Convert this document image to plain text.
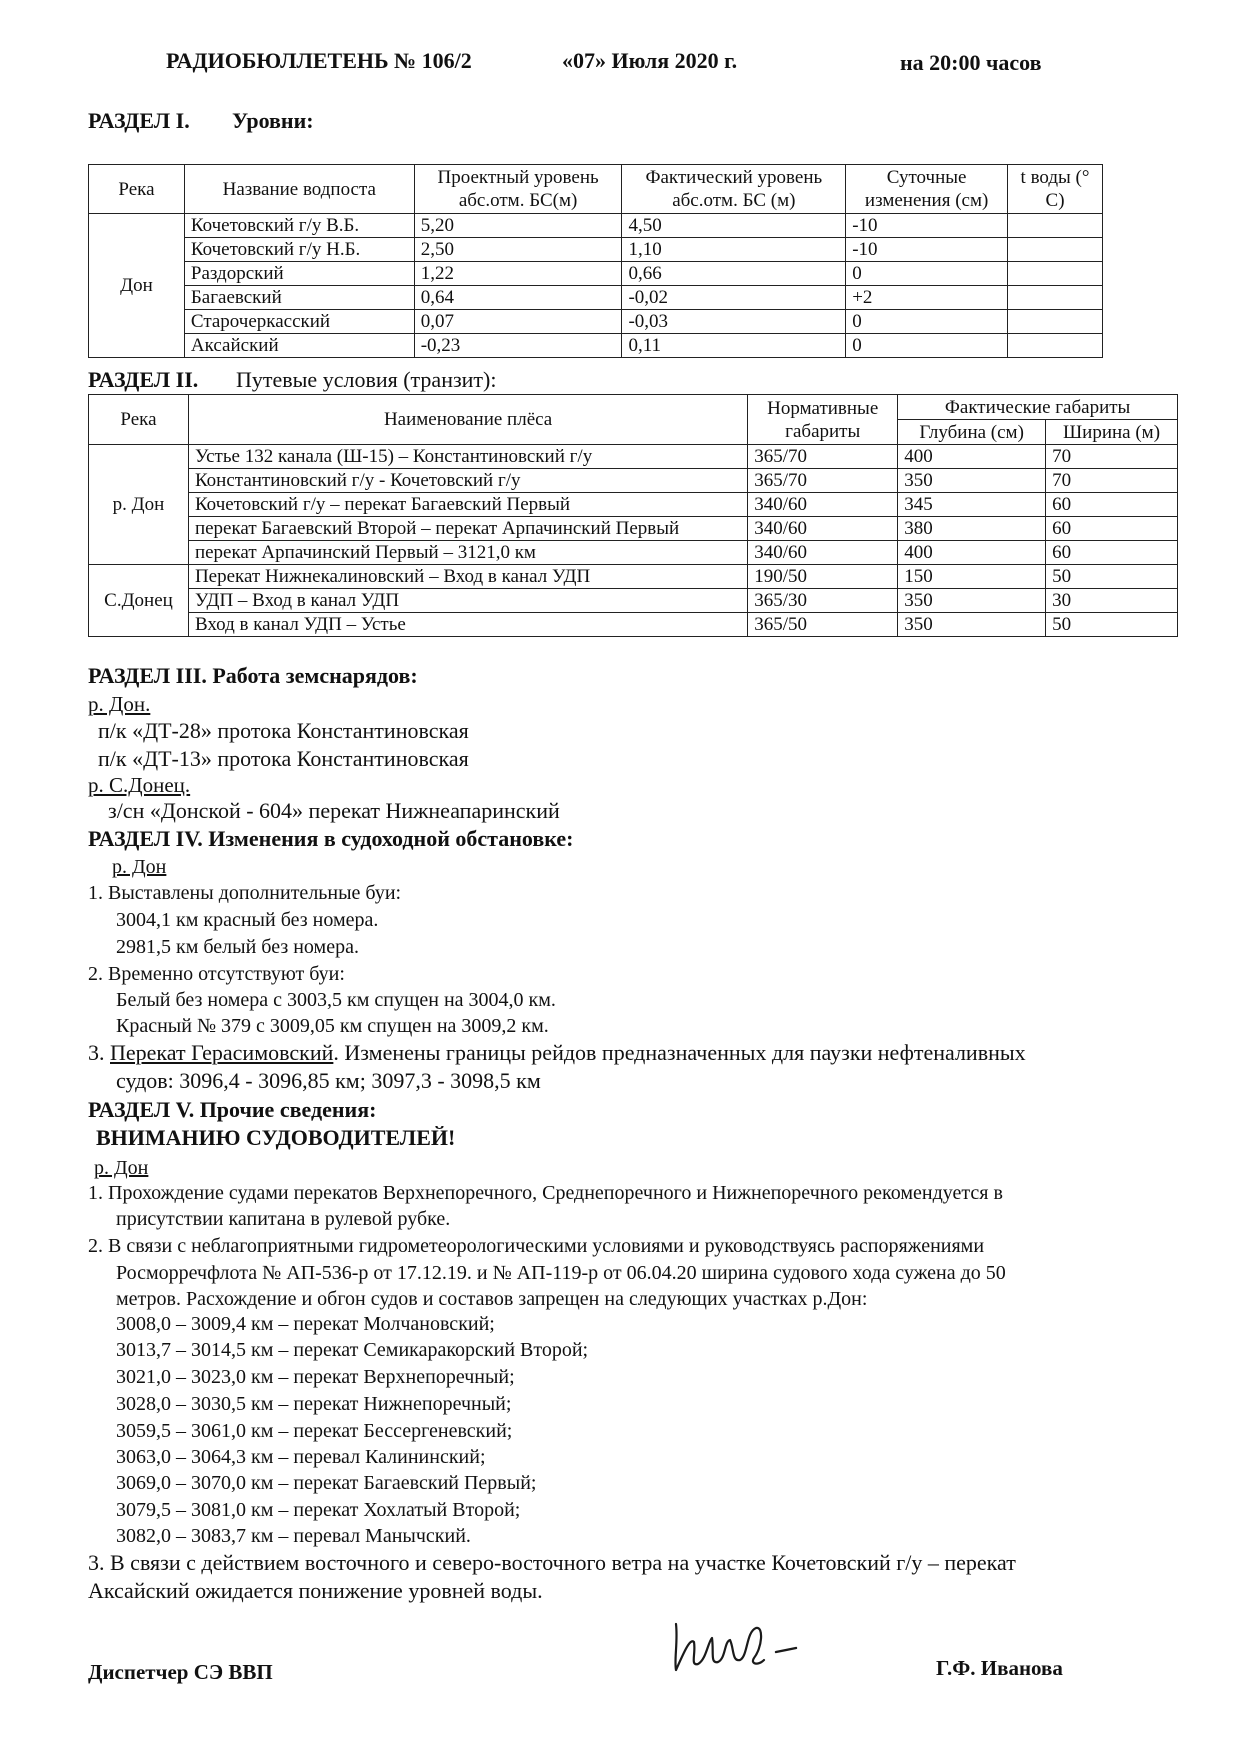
РАДИОБЮЛЛЕТЕНЬ № 106/2	«07» Июля 2020 г.	на 20:00 часов
РАЗДЕЛ I. Уровни:
Река	Название водпоста	Проектный уровень абс.отм. БС(м)	Фактический уровень абс.отм. БС (м)	Суточные изменения (см)	t воды (° С)
Дон	Кочетовский г/у В.Б.	5,20	4,50	-10	
	Кочетовский г/у Н.Б.	2,50	1,10	-10	
	Раздорский	1,22	0,66	0	
	Багаевский	0,64	-0,02	+2	
	Старочеркасский	0,07	-0,03	0	
	Аксайский	-0,23	0,11	0	
РАЗДЕЛ II. Путевые условия (транзит):
Река	Наименование плёса	Нормативные габариты	Фактические габариты	
			Глубина (см)	Ширина (м)
р. Дон	Устье 132 канала (Ш-15) – Константиновский г/у	365/70	400	70
	Константиновский г/у - Кочетовский г/у	365/70	350	70
	Кочетовский г/у – перекат Багаевский Первый	340/60	345	60
	перекат Багаевский Второй – перекат Арпачинский Первый	340/60	380	60
	перекат Арпачинский Первый – 3121,0 км	340/60	400	60
С.Донец	Перекат Нижнекалиновский – Вход в канал УДП	190/50	150	50
	УДП – Вход в канал УДП	365/30	350	30
	Вход в канал УДП – Устье	365/50	350	50
РАЗДЕЛ III. Работа земснарядов:
р. Дон.
п/к «ДТ-28» протока Константиновская
п/к «ДТ-13» протока Константиновская
р. С.Донец.
з/сн «Донской - 604» перекат Нижнеапаринский
РАЗДЕЛ IV. Изменения в судоходной обстановке:
р. Дон
1. Выставлены дополнительные буи:
3004,1 км красный без номера.
2981,5 км белый без номера.
2. Временно отсутствуют буи:
Белый без номера с 3003,5 км спущен на 3004,0 км.
Красный № 379 с 3009,05 км спущен на 3009,2 км.
3. Перекат Герасимовский. Изменены границы рейдов предназначенных для паузки нефтеналивных
судов: 3096,4 - 3096,85 км; 3097,3 - 3098,5 км
РАЗДЕЛ V. Прочие сведения:
ВНИМАНИЮ СУДОВОДИТЕЛЕЙ!
р. Дон
1. Прохождение судами перекатов Верхнепоречного, Среднепоречного и Нижнепоречного рекомендуется в
присутствии капитана в рулевой рубке.
2. В связи с неблагоприятными гидрометеорологическими условиями и руководствуясь распоряжениями
Росморречфлота № АП-536-р от 17.12.19. и № АП-119-р от 06.04.20 ширина судового хода сужена до 50
метров. Расхождение и обгон судов и составов запрещен на следующих участках р.Дон:
3008,0 – 3009,4 км – перекат Молчановский;
3013,7 – 3014,5 км – перекат Семикаракорский Второй;
3021,0 – 3023,0 км – перекат Верхнепоречный;
3028,0 – 3030,5 км – перекат Нижнепоречный;
3059,5 – 3061,0 км – перекат Бессергеневский;
3063,0 – 3064,3 км – перевал Калининский;
3069,0 – 3070,0 км – перекат Багаевский Первый;
3079,5 – 3081,0 км – перекат Хохлатый Второй;
3082,0 – 3083,7 км – перевал Манычский.
3. В связи с действием восточного и северо-восточного ветра на участке Кочетовский г/у – перекат
Аксайский ожидается понижение уровней воды.
Диспетчер СЭ ВВП	Г.Ф. Иванова
